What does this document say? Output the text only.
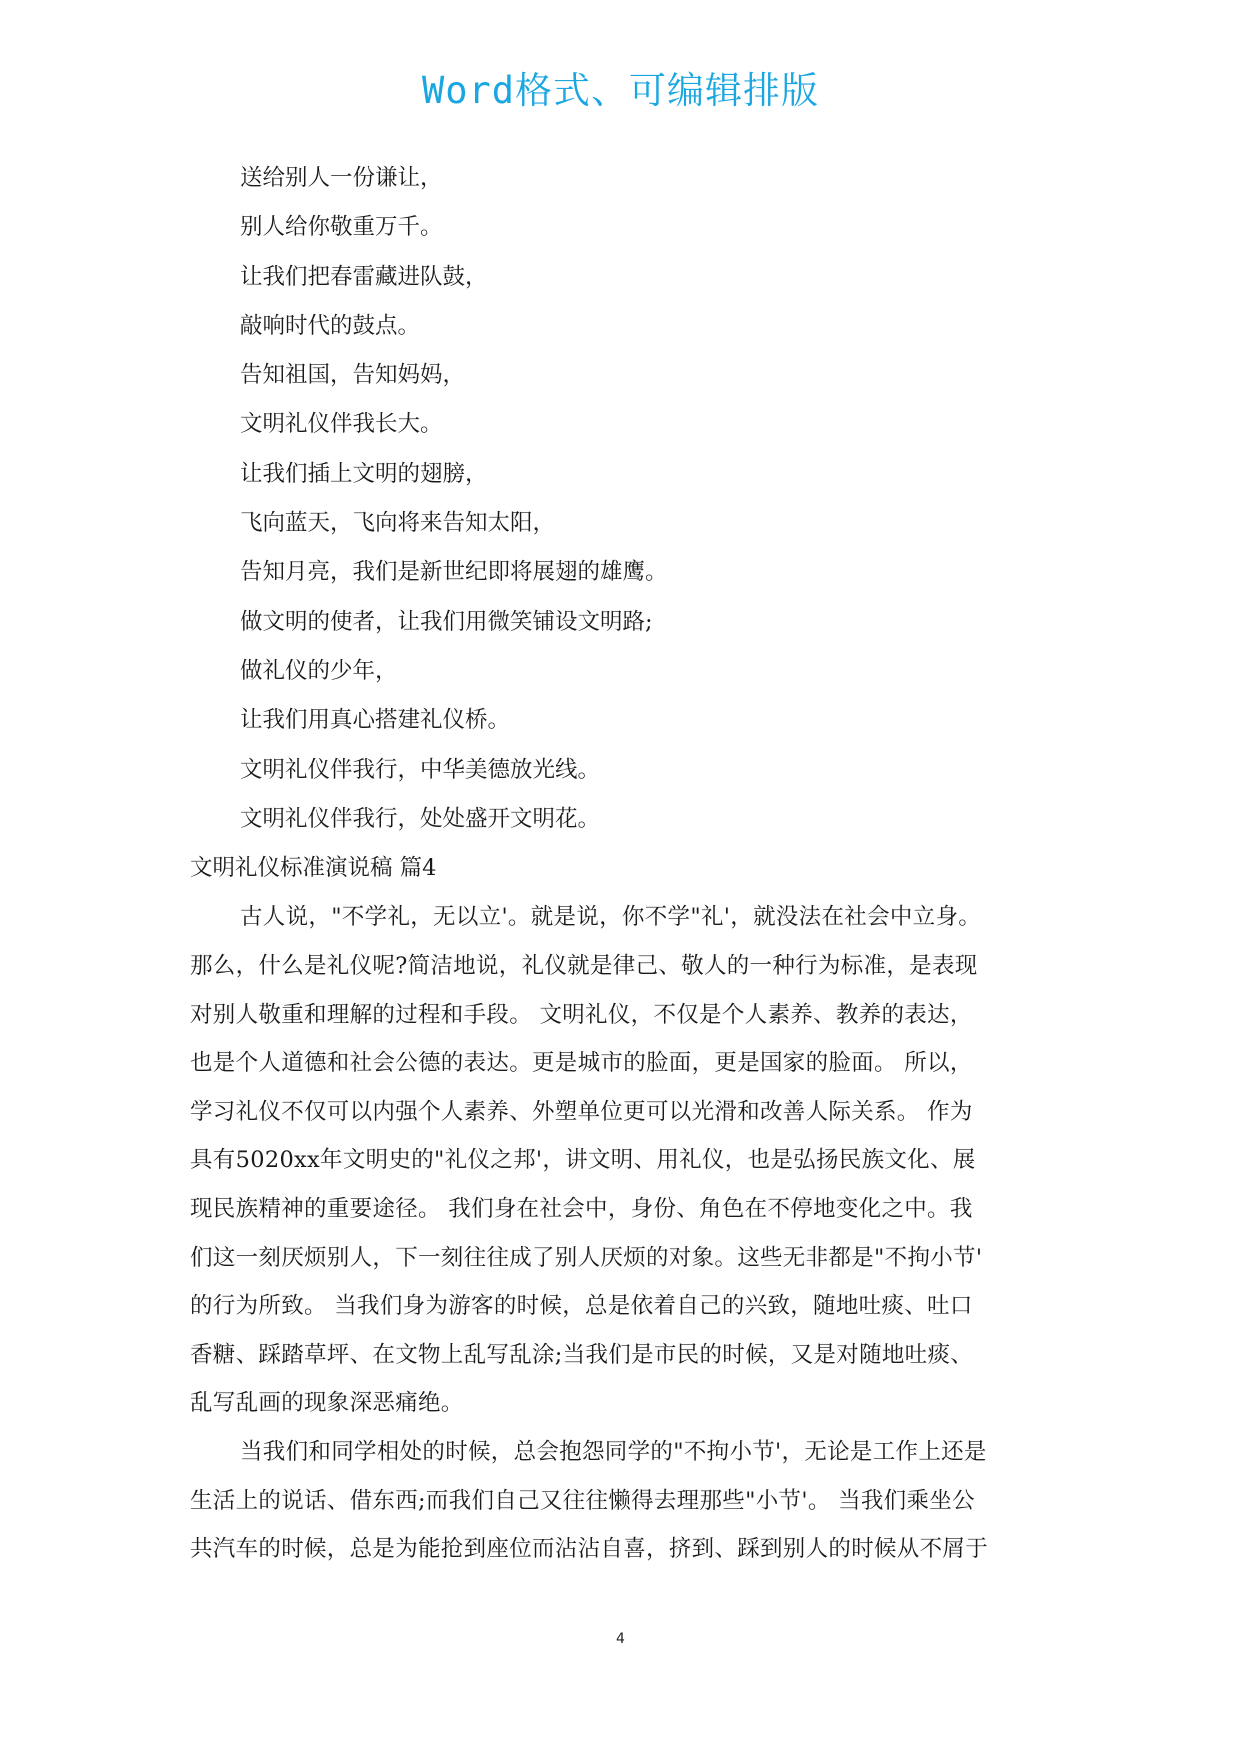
Word格式、可编辑排版
送给别人一份谦让，
别人给你敬重万千。
让我们把春雷藏进队鼓，
敲响时代的鼓点。
告知祖国，告知妈妈，
文明礼仪伴我长大。
让我们插上文明的翅膀，
飞向蓝天，飞向将来告知太阳，
告知月亮，我们是新世纪即将展翅的雄鹰。
做文明的使者，让我们用微笑铺设文明路;
做礼仪的少年，
让我们用真心搭建礼仪桥。
文明礼仪伴我行，中华美德放光线。
文明礼仪伴我行，处处盛开文明花。
文明礼仪标准演说稿 篇4
古人说，"不学礼，无以立'。就是说，你不学"礼'，就没法在社会中立身。
那么，什么是礼仪呢?简洁地说，礼仪就是律己、敬人的一种行为标准，是表现
对别人敬重和理解的过程和手段。 文明礼仪，不仅是个人素养、教养的表达，
也是个人道德和社会公德的表达。更是城市的脸面，更是国家的脸面。 所以，
学习礼仪不仅可以内强个人素养、外塑单位更可以光滑和改善人际关系。 作为
具有5020xx年文明史的"礼仪之邦'，讲文明、用礼仪，也是弘扬民族文化、展
现民族精神的重要途径。 我们身在社会中，身份、角色在不停地变化之中。我
们这一刻厌烦别人，下一刻往往成了别人厌烦的对象。这些无非都是"不拘小节'
的行为所致。 当我们身为游客的时候，总是依着自己的兴致，随地吐痰、吐口
香糖、踩踏草坪、在文物上乱写乱涂;当我们是市民的时候，又是对随地吐痰、
乱写乱画的现象深恶痛绝。
当我们和同学相处的时候，总会抱怨同学的"不拘小节'，无论是工作上还是
生活上的说话、借东西;而我们自己又往往懒得去理那些"小节'。 当我们乘坐公
共汽车的时候，总是为能抢到座位而沾沾自喜，挤到、踩到别人的时候从不屑于
4
